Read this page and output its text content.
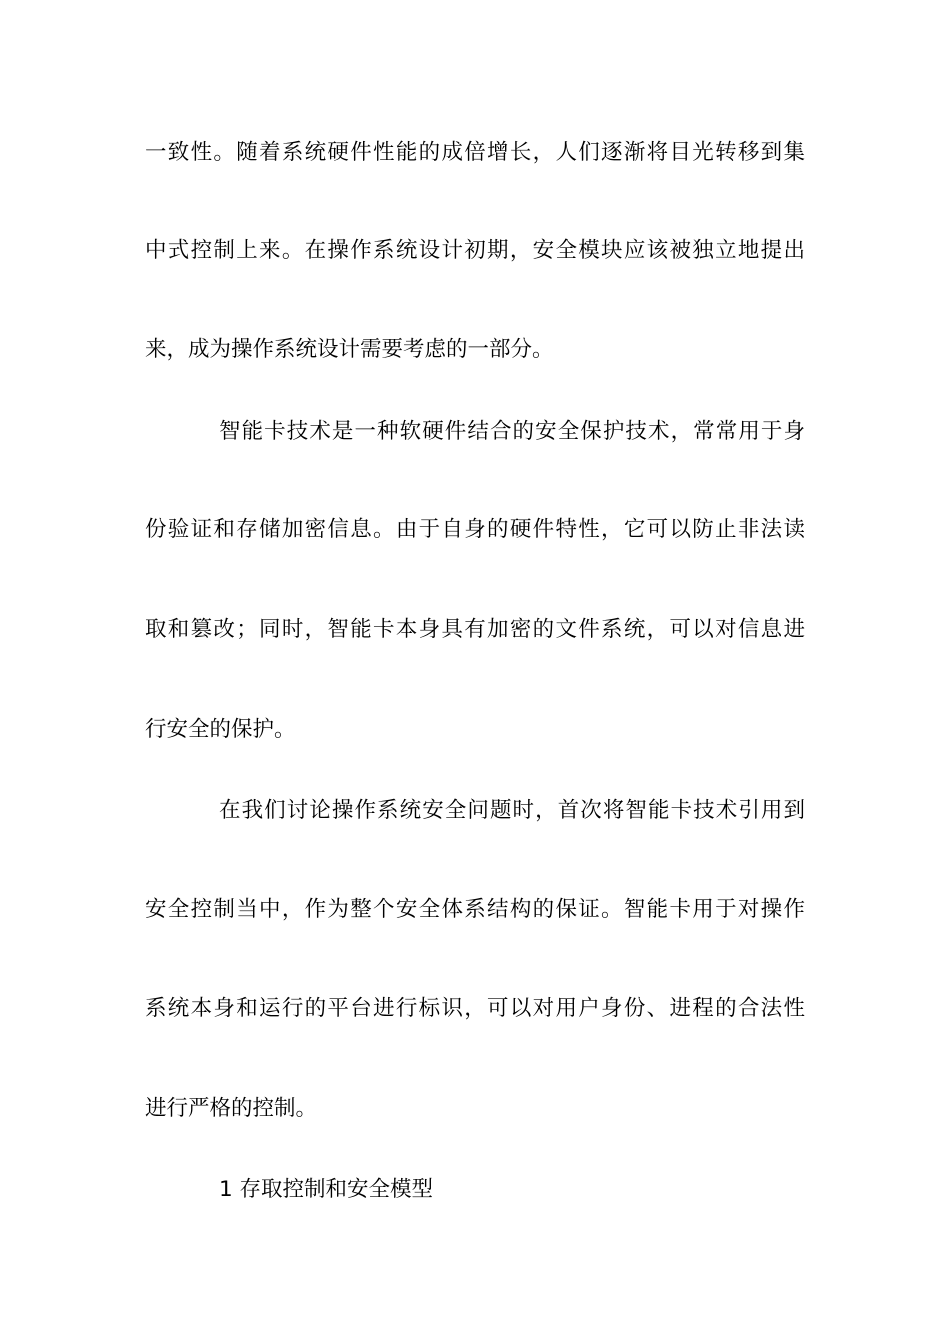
一致性。随着系统硬件性能的成倍增长，人们逐渐将目光转移到集
中式控制上来。在操作系统设计初期，安全模块应该被独立地提出
来，成为操作系统设计需要考虑的一部分。
智能卡技术是一种软硬件结合的安全保护技术，常常用于身
份验证和存储加密信息。由于自身的硬件特性，它可以防止非法读
取和篡改；同时，智能卡本身具有加密的文件系统，可以对信息进
行安全的保护。
在我们讨论操作系统安全问题时，首次将智能卡技术引用到
安全控制当中，作为整个安全体系结构的保证。智能卡用于对操作
系统本身和运行的平台进行标识，可以对用户身份、进程的合法性
进行严格的控制。
1 存取控制和安全模型
